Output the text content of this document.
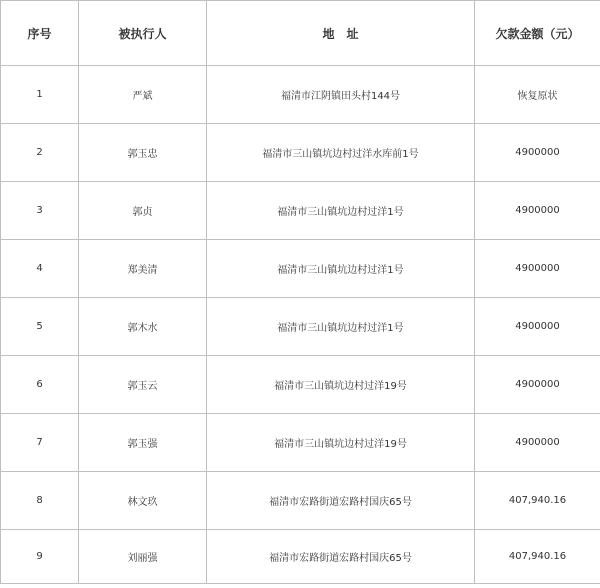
序号	被执行人	地　址	欠款金额（元）
1	严斌	福清市江阴镇田头村144号	恢复原状
2	郭玉忠	福清市三山镇坑边村过洋水库前1号	4900000
3	郭贞	福清市三山镇坑边村过洋1号	4900000
4	郑美清	福清市三山镇坑边村过洋1号	4900000
5	郭木水	福清市三山镇坑边村过洋1号	4900000
6	郭玉云	福清市三山镇坑边村过洋19号	4900000
7	郭玉强	福清市三山镇坑边村过洋19号	4900000
8	林文玖	福清市宏路街道宏路村国庆65号	407,940.16
9	刘丽强	福清市宏路街道宏路村国庆65号	407,940.16
